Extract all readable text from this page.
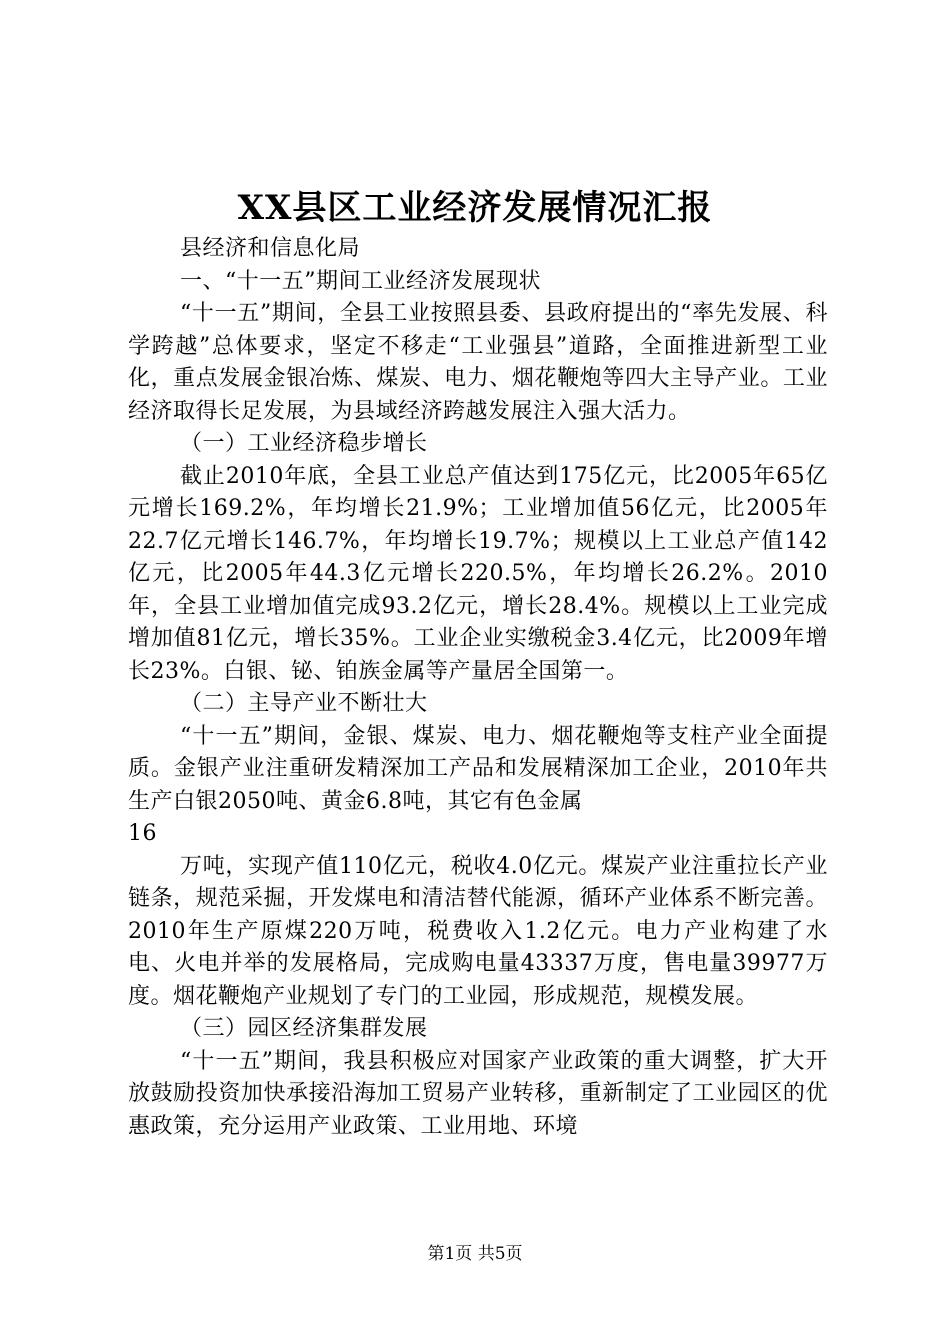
XX县区工业经济发展情况汇报

县经济和信息化局

一、“十一五”期间工业经济发展现状

“十一五”期间，全县工业按照县委、县政府提出的“率先发展、科学跨越”总体要求，坚定不移走“工业强县”道路，全面推进新型工业化，重点发展金银冶炼、煤炭、电力、烟花鞭炮等四大主导产业。工业经济取得长足发展，为县域经济跨越发展注入强大活力。

（一）工业经济稳步增长

截止2010年底，全县工业总产值达到175亿元，比2005年65亿元增长169.2%，年均增长21.9%；工业增加值56亿元，比2005年22.7亿元增长146.7%，年均增长19.7%；规模以上工业总产值142亿元，比2005年44.3亿元增长220.5%，年均增长26.2%。2010年，全县工业增加值完成93.2亿元，增长28.4%。规模以上工业完成增加值81亿元，增长35%。工业企业实缴税金3.4亿元，比2009年增长23%。白银、铋、铂族金属等产量居全国第一。

（二）主导产业不断壮大

“十一五”期间，金银、煤炭、电力、烟花鞭炮等支柱产业全面提质。金银产业注重研发精深加工产品和发展精深加工企业，2010年共生产白银2050吨、黄金6.8吨，其它有色金属

16

万吨，实现产值110亿元，税收4.0亿元。煤炭产业注重拉长产业链条，规范采掘，开发煤电和清洁替代能源，循环产业体系不断完善。2010年生产原煤220万吨，税费收入1.2亿元。电力产业构建了水电、火电并举的发展格局，完成购电量43337万度，售电量39977万度。烟花鞭炮产业规划了专门的工业园，形成规范，规模发展。

（三）园区经济集群发展

“十一五”期间，我县积极应对国家产业政策的重大调整，扩大开放鼓励投资加快承接沿海加工贸易产业转移，重新制定了工业园区的优惠政策，充分运用产业政策、工业用地、环境

第1页 共5页
